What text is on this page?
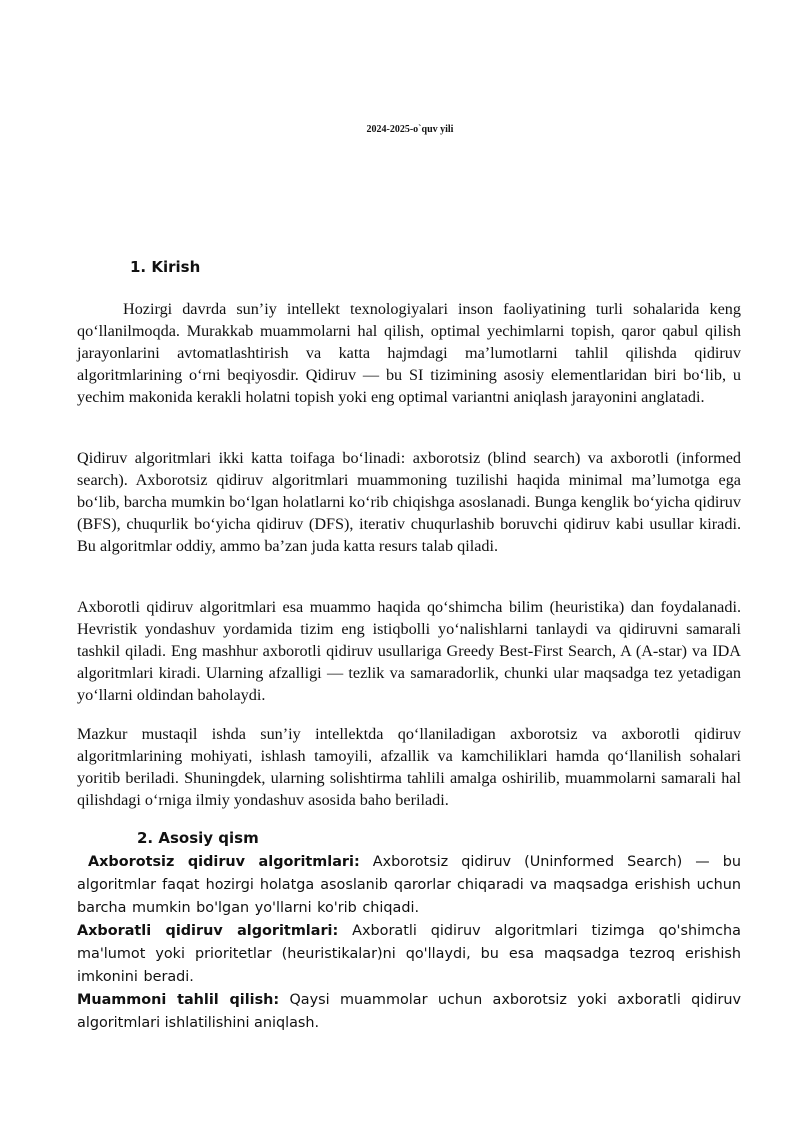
2024-2025-o`quv yili
1. Kirish

Hozirgi davrda sun’iy intellekt texnologiyalari inson faoliyatining turli sohalarida keng qo‘llanilmoqda. Murakkab muammolarni hal qilish, optimal yechimlarni topish, qaror qabul qilish jarayonlarini avtomatlashtirish va katta hajmdagi ma’lumotlarni tahlil qilishda qidiruv algoritmlarining o‘rni beqiyosdir. Qidiruv — bu SI tizimining asosiy elementlaridan biri bo‘lib, u yechim makonida kerakli holatni topish yoki eng optimal variantni aniqlash jarayonini anglatadi.

Qidiruv algoritmlari ikki katta toifaga bo‘linadi: axborotsiz (blind search) va axborotli (informed search). Axborotsiz qidiruv algoritmlari muammoning tuzilishi haqida minimal ma’lumotga ega bo‘lib, barcha mumkin bo‘lgan holatlarni ko‘rib chiqishga asoslanadi. Bunga kenglik bo‘yicha qidiruv (BFS), chuqurlik bo‘yicha qidiruv (DFS), iterativ chuqurlashib boruvchi qidiruv kabi usullar kiradi. Bu algoritmlar oddiy, ammo ba’zan juda katta resurs talab qiladi.

Axborotli qidiruv algoritmlari esa muammo haqida qo‘shimcha bilim (heuristika) dan foydalanadi. Hevristik yondashuv yordamida tizim eng istiqbolli yo‘nalishlarni tanlaydi va qidiruvni samarali tashkil qiladi. Eng mashhur axborotli qidiruv usullariga Greedy Best-First Search, A (A-star) va IDA algoritmlari kiradi. Ularning afzalligi — tezlik va samaradorlik, chunki ular maqsadga tez yetadigan yo‘llarni oldindan baholaydi.

Mazkur mustaqil ishda sun’iy intellektda qo‘llaniladigan axborotsiz va axborotli qidiruv algoritmlarining mohiyati, ishlash tamoyili, afzallik va kamchiliklari hamda qo‘llanilish sohalari yoritib beriladi. Shuningdek, ularning solishtirma tahlili amalga oshirilib, muammolarni samarali hal qilishdagi o‘rniga ilmiy yondashuv asosida baho beriladi.

2. Asosiy qism

Axborotsiz qidiruv algoritmlari: Axborotsiz qidiruv (Uninformed Search) — bu algoritmlar faqat hozirgi holatga asoslanib qarorlar chiqaradi va maqsadga erishish uchun barcha mumkin bo'lgan yo'llarni ko'rib chiqadi.

Axboratli qidiruv algoritmlari: Axboratli qidiruv algoritmlari tizimga qo'shimcha ma'lumot yoki prioritetlar (heuristikalar)ni qo'llaydi, bu esa maqsadga tezroq erishish imkonini beradi.

Muammoni tahlil qilish: Qaysi muammolar uchun axborotsiz yoki axboratli qidiruv algoritmlari ishlatilishini aniqlash.
